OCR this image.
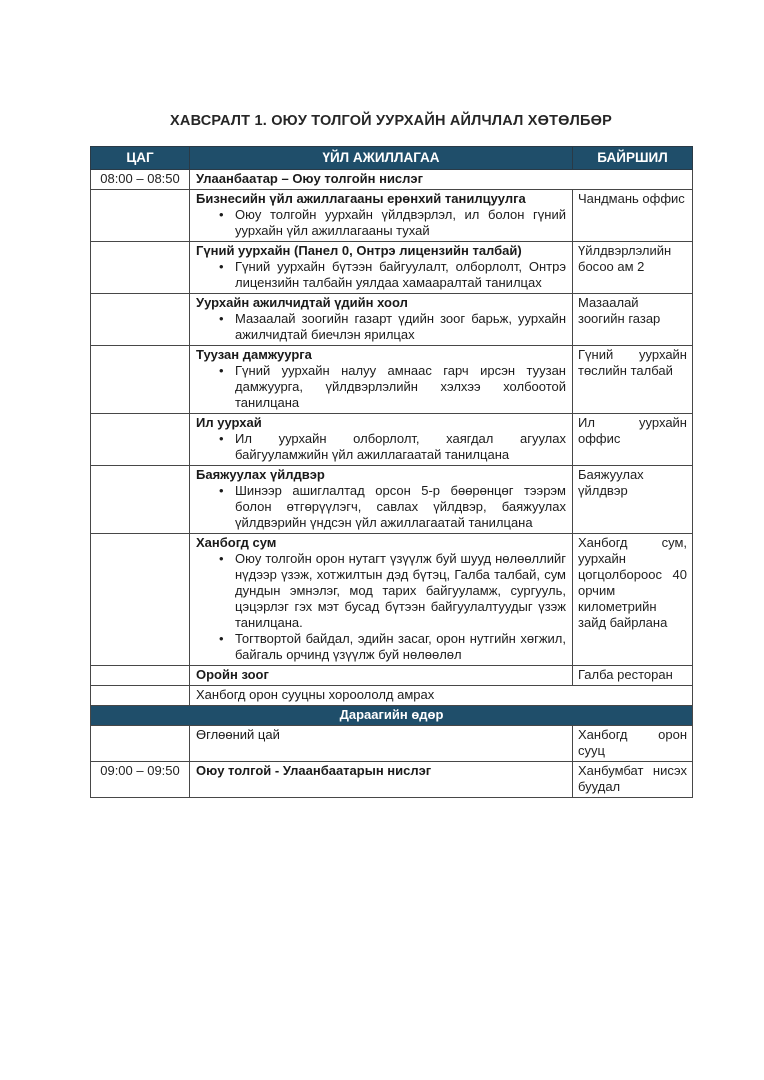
ХАВСРАЛТ 1. ОЮУ ТОЛГОЙ УУРХАЙН АЙЛЧЛАЛ ХӨТӨЛБӨР
ЦАГ	ҮЙЛ АЖИЛЛАГАА	БАЙРШИЛ
08:00 – 08:50	Улаанбаатар – Оюу толгойн нислэг	

	Бизнесийн үйл ажиллагааны ерөнхий танилцуулга
• Оюу толгойн уурхайн үйлдвэрлэл, ил болон гүний уурхайн үйл ажиллагааны тухай	Чандмань оффис

	Гүний уурхайн (Панел 0, Онтрэ лицензийн талбай)
• Гүний уурхайн бүтээн байгуулалт, олборлолт, Онтрэ лицензийн талбайн уялдаа хамааралтай танилцах	Үйлдвэрлэлийн босоо ам 2

	Уурхайн ажилчидтай үдийн хоол
• Мазаалай зоогийн газарт үдийн зоог барьж, уурхайн ажилчидтай биечлэн ярилцах	Мазаалай зоогийн газар

	Туузан дамжуурга
• Гүний уурхайн налуу амнаас гарч ирсэн туузан дамжуурга, үйлдвэрлэлийн хэлхээ холбоотой танилцана	Гүний уурхайн төслийн талбай

	Ил уурхай
• Ил уурхайн олборлолт, хаягдал агуулах байгууламжийн үйл ажиллагаатай танилцана	Ил уурхайн оффис

	Баяжуулах үйлдвэр
• Шинээр ашиглалтад орсон 5-р бөөрөнцөг тээрэм болон өтгөрүүлэгч, савлах үйлдвэр, баяжуулах үйлдвэрийн үндсэн үйл ажиллагаатай танилцана	Баяжуулах үйлдвэр

	Ханбогд сум
• Оюу толгойн орон нутагт үзүүлж буй шууд нөлөөллийг нүдээр үзэж, хотжилтын дэд бүтэц, Галба талбай, сум дундын эмнэлэг, мод тарих байгууламж, сургууль, цэцэрлэг гэх мэт бусад бүтээн байгуулалтуудыг үзэж танилцана.
• Тогтвортой байдал, эдийн засаг, орон нутгийн хөгжил, байгаль орчинд үзүүлж буй нөлөөлөл	Ханбогд сум, уурхайн цогцолбороос 40 орчим километрийн зайд байрлана

	Оройн зоог	Галба ресторан

	Ханбогд орон сууцны хороололд амрах	

Дараагийн өдөр		

	Өглөөний цай	Ханбогд орон сууц
09:00 – 09:50	Оюу толгой - Улаанбаатарын нислэг	Ханбумбат нисэх буудал
